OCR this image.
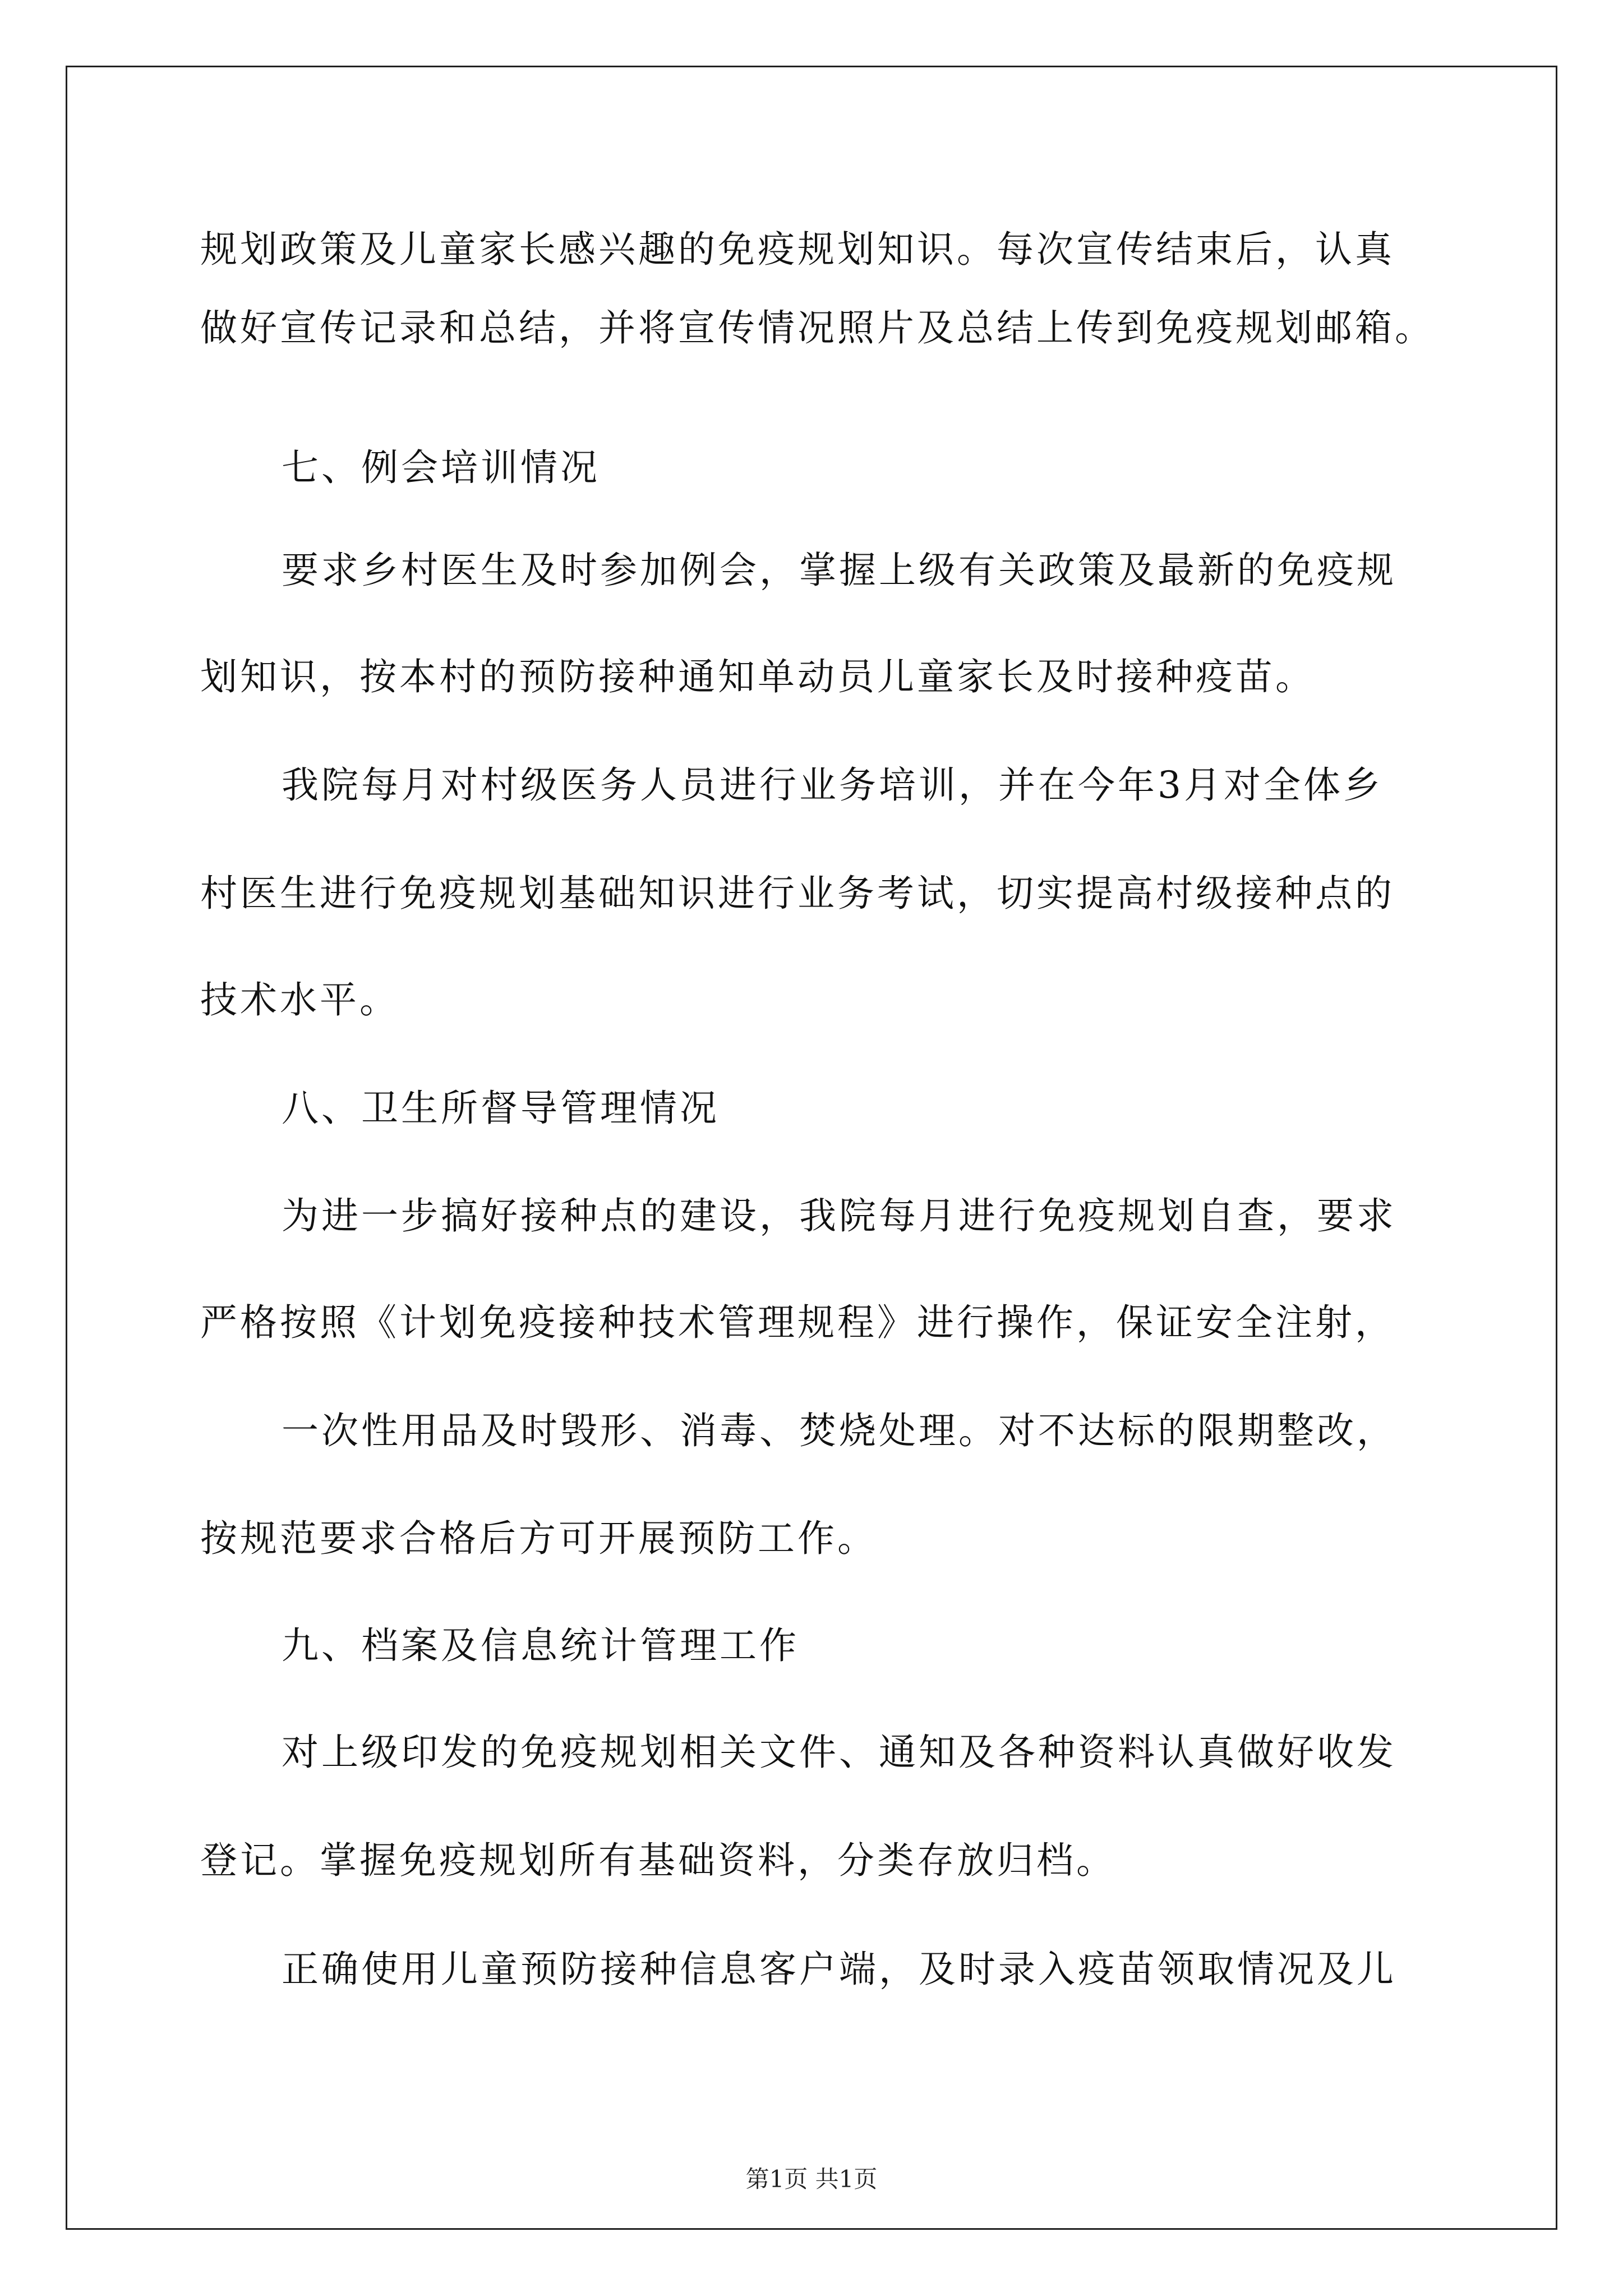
规划政策及儿童家长感兴趣的免疫规划知识。每次宣传结束后，认真
做好宣传记录和总结，并将宣传情况照片及总结上传到免疫规划邮箱。
七、例会培训情况
要求乡村医生及时参加例会，掌握上级有关政策及最新的免疫规
划知识，按本村的预防接种通知单动员儿童家长及时接种疫苗。
我院每月对村级医务人员进行业务培训，并在今年3月对全体乡
村医生进行免疫规划基础知识进行业务考试，切实提高村级接种点的
技术水平。
八、卫生所督导管理情况
为进一步搞好接种点的建设，我院每月进行免疫规划自查，要求
严格按照《计划免疫接种技术管理规程》进行操作，保证安全注射，
一次性用品及时毁形、消毒、焚烧处理。对不达标的限期整改，
按规范要求合格后方可开展预防工作。
九、档案及信息统计管理工作
对上级印发的免疫规划相关文件、通知及各种资料认真做好收发
登记。掌握免疫规划所有基础资料，分类存放归档。
正确使用儿童预防接种信息客户端，及时录入疫苗领取情况及儿
第1页 共1页
